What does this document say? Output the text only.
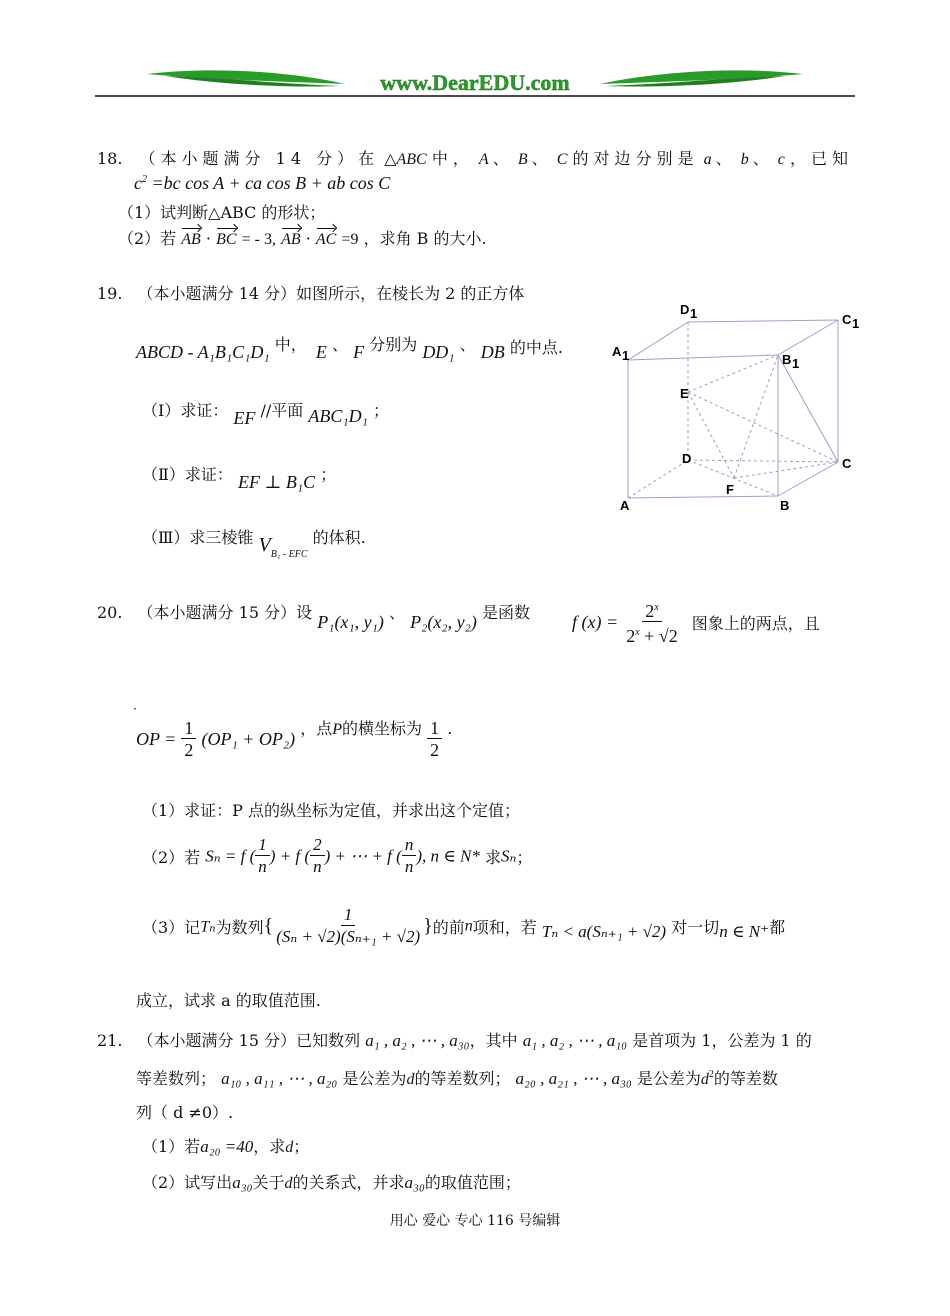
www.DearEDU.com
18. （本小题满分 14 分）在 △ABC 中， A 、 B 、 C 的对边分别是 a 、 b 、 c ，已知
$c^2 =bc$ cos A + ca cos B + ab cos C
（1）试判断△ABC 的形状；
（2）若 AB · BC = - 3, AB · AC =9 ，求角 B 的大小.
19. （本小题满分 14 分）如图所示，在棱长为 2 的正方体
ABCD - A₁B₁C₁D₁ 中， E 、 F 分别为 DD₁ 、 DB 的中点.
（Ⅰ）求证： EF //平面 ABC₁D₁ ；
（Ⅱ）求证： EF ⊥ B₁C ；
（Ⅲ）求三棱锥 $V_{B_1 - EFC}$ 的体积.
D 1	C 1
A 1	B 1
E
D	C
F
A	B
20. （本小题满分 15 分）设 P₁(x₁, y₁) 、 P₂(x₂, y₂) 是函数 f $(x) = \frac{2^x}{2^x + √2}$ 图象上的两点，且
·
OP = $\frac{1}{2} (OP_1 + OP_2)$ ，点P的横坐标为 $\frac{1}{2}$ .
（1）求证：P 点的纵坐标为定值，并求出这个定值；
（2）若 Sₙ = f ( $\frac{1}{n}$ ) + f ( $\frac{2}{n}$ ) + ⋯ + f ( $\frac{n}{n}$ ), n ∈ N* 求Sₙ；
（3）记Tₙ为数列{ $\frac{1}{\text{(Sₙ + √2)(Sₙ₊₁ + √2)}}$ }的前n项和，若 Tₙ < a(Sₙ₊₁ + √2) 对一切n ∈ N⁺都
成立，试求 a 的取值范围.
21. （本小题满分 15 分）已知数列 a₁ , a₂ , ⋯ , a₃₀，其中 a₁ , a₂ , ⋯ , a₁₀ 是首项为 1，公差为 1 的
等差数列； a₁₀ , a₁₁ , ⋯ , a₂₀ 是公差为d的等差数列； a₂₀ , a₂₁ , ⋯ , a₃₀ 是公差为$d^2$的等差数
列（ d ≠0）.
（1）若a₂₀ =40，求d；
（2）试写出a₃₀关于d的关系式，并求a₃₀的取值范围；
用心 爱心 专心 116 号编辑
